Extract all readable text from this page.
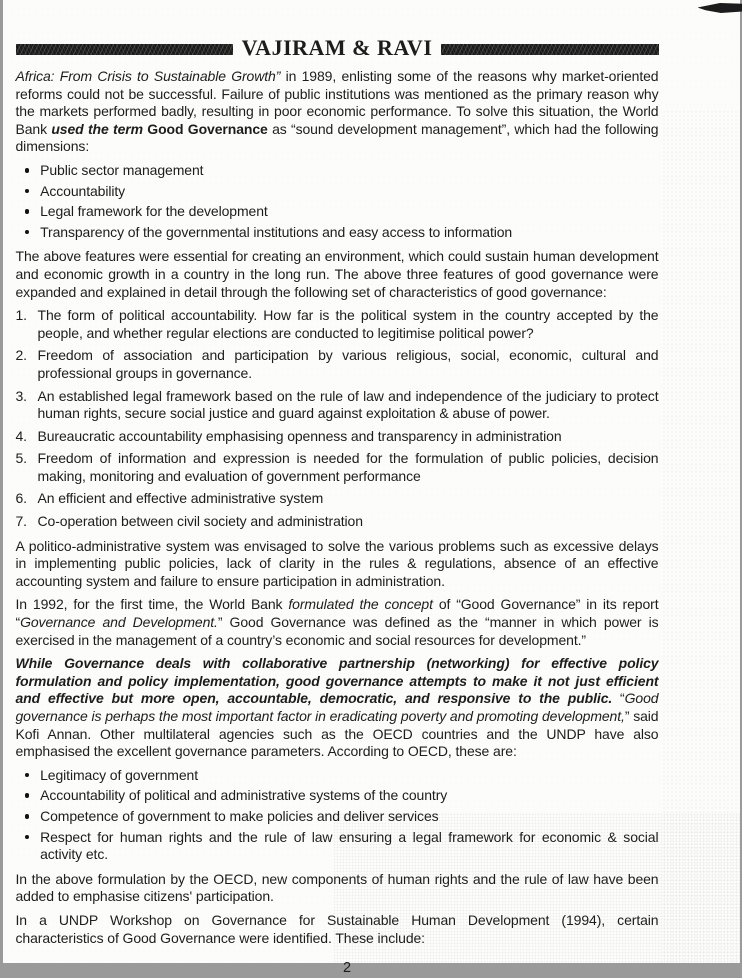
VAJIRAM & RAVI

Africa: From Crisis to Sustainable Growth” in 1989, enlisting some of the reasons why market-oriented reforms could not be successful. Failure of public institutions was mentioned as the primary reason why the markets performed badly, resulting in poor economic performance. To solve this situation, the World Bank used the term Good Governance as “sound development management”, which had the following dimensions:

Public sector management
Accountability
Legal framework for the development
Transparency of the governmental institutions and easy access to information

The above features were essential for creating an environment, which could sustain human development and economic growth in a country in the long run. The above three features of good governance were expanded and explained in detail through the following set of characteristics of good governance:

1. The form of political accountability. How far is the political system in the country accepted by the people, and whether regular elections are conducted to legitimise political power?
2. Freedom of association and participation by various religious, social, economic, cultural and professional groups in governance.
3. An established legal framework based on the rule of law and independence of the judiciary to protect human rights, secure social justice and guard against exploitation & abuse of power.
4. Bureaucratic accountability emphasising openness and transparency in administration
5. Freedom of information and expression is needed for the formulation of public policies, decision making, monitoring and evaluation of government performance
6. An efficient and effective administrative system
7. Co-operation between civil society and administration

A politico-administrative system was envisaged to solve the various problems such as excessive delays in implementing public policies, lack of clarity in the rules & regulations, absence of an effective accounting system and failure to ensure participation in administration.

In 1992, for the first time, the World Bank formulated the concept of “Good Governance” in its report “Governance and Development.” Good Governance was defined as the “manner in which power is exercised in the management of a country’s economic and social resources for development.”

While Governance deals with collaborative partnership (networking) for effective policy formulation and policy implementation, good governance attempts to make it not just efficient and effective but more open, accountable, democratic, and responsive to the public. “Good governance is perhaps the most important factor in eradicating poverty and promoting development,” said Kofi Annan. Other multilateral agencies such as the OECD countries and the UNDP have also emphasised the excellent governance parameters. According to OECD, these are:

Legitimacy of government
Accountability of political and administrative systems of the country
Competence of government to make policies and deliver services
Respect for human rights and the rule of law ensuring a legal framework for economic & social activity etc.

In the above formulation by the OECD, new components of human rights and the rule of law have been added to emphasise citizens' participation.

In a UNDP Workshop on Governance for Sustainable Human Development (1994), certain characteristics of Good Governance were identified. These include:

2
